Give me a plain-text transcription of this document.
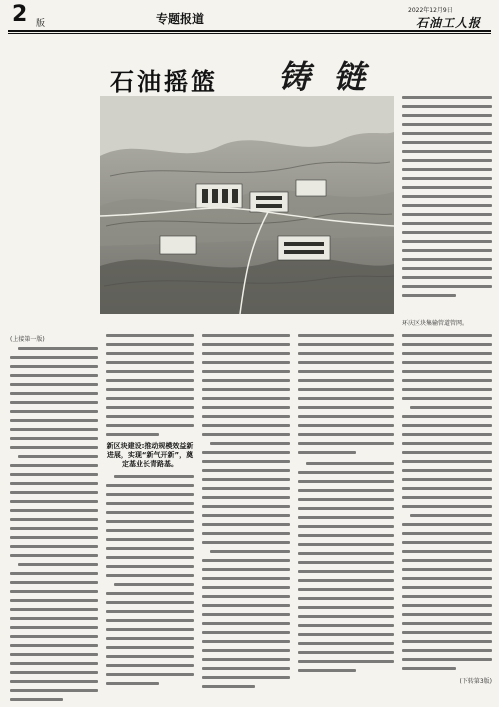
2 版	专题报道
2022年12月9日
石油工人报
石油摇篮 铸 链
环庆区块集输管道管网。
(上接第一版)
新区块建设:推动规模效益新进展，实现“新气开新”，奠定基业长青路基。
(下转第3版)
